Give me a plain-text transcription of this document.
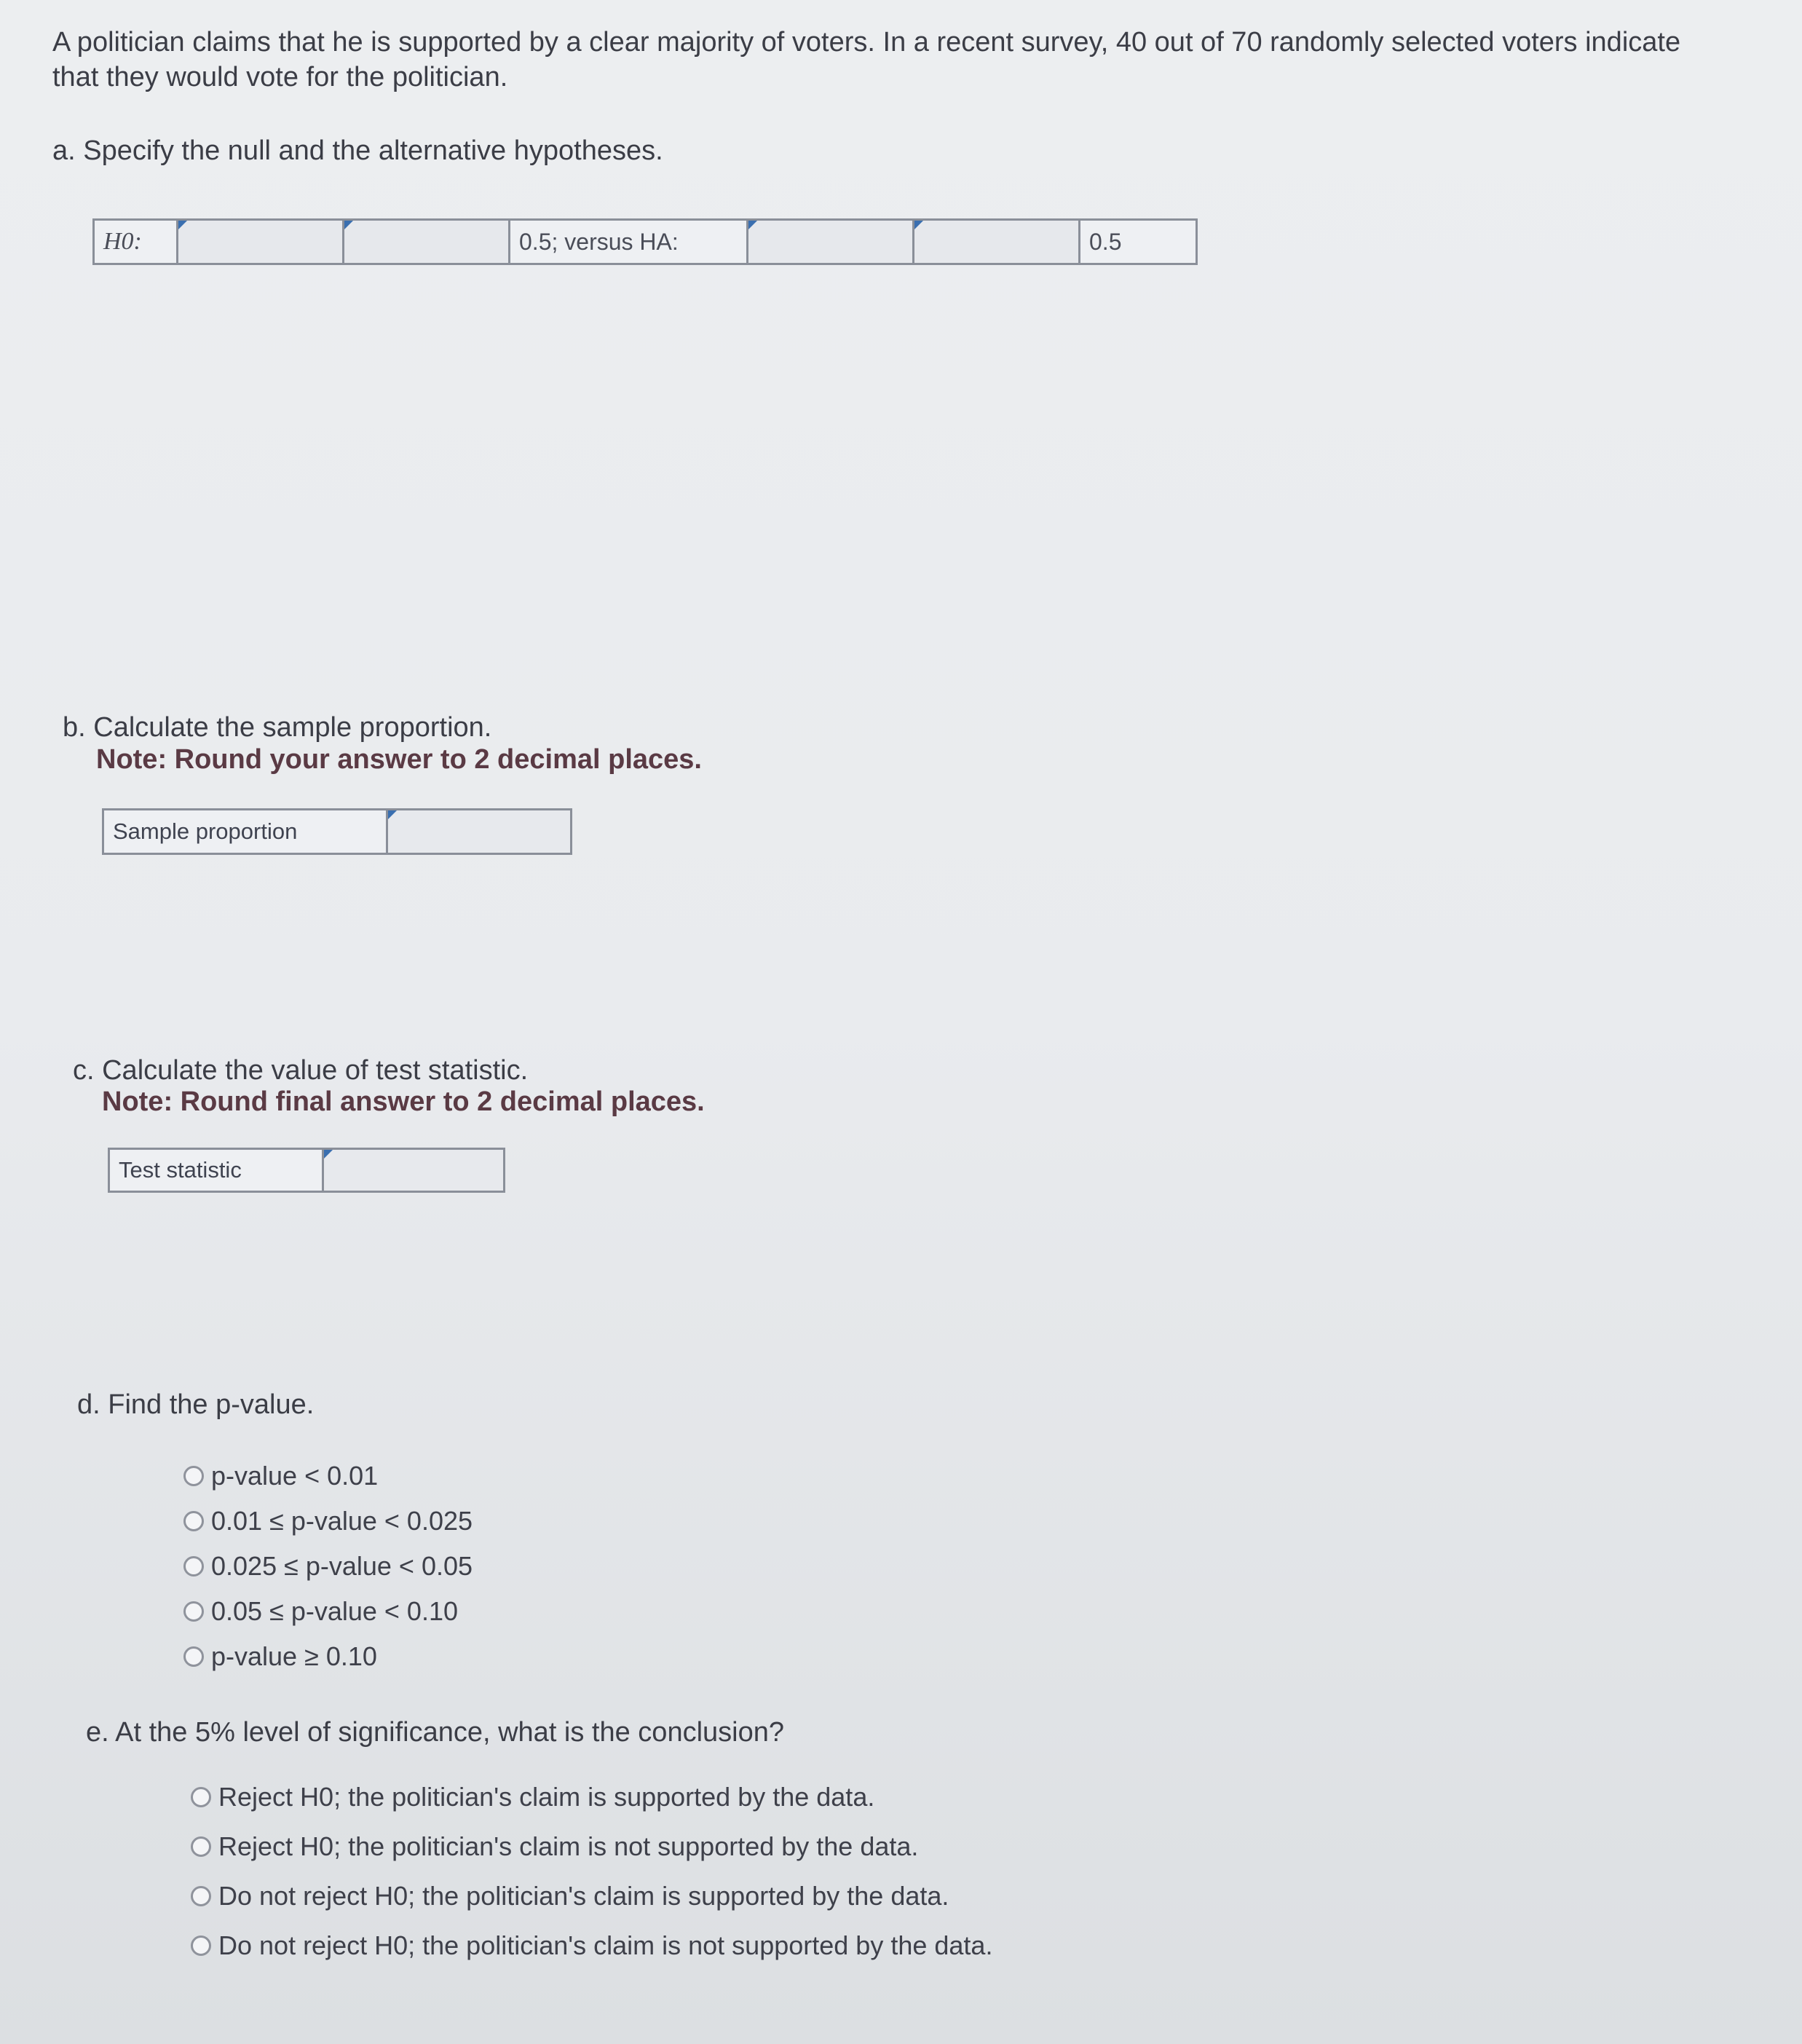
A politician claims that he is supported by a clear majority of voters. In a recent survey, 40 out of 70 randomly selected voters indicate
that they would vote for the politician.
a. Specify the null and the alternative hypotheses.
H0:	0.5; versus HA:	0.5
b. Calculate the sample proportion.
Note: Round your answer to 2 decimal places.
Sample proportion
c. Calculate the value of test statistic.
Note: Round final answer to 2 decimal places.
Test statistic
d. Find the p-value.
p-value < 0.01
0.01 ≤ p-value < 0.025
0.025 ≤ p-value < 0.05
0.05 ≤ p-value < 0.10
p-value ≥ 0.10
e. At the 5% level of significance, what is the conclusion?
Reject H0; the politician's claim is supported by the data.
Reject H0; the politician's claim is not supported by the data.
Do not reject H0; the politician's claim is supported by the data.
Do not reject H0; the politician's claim is not supported by the data.
